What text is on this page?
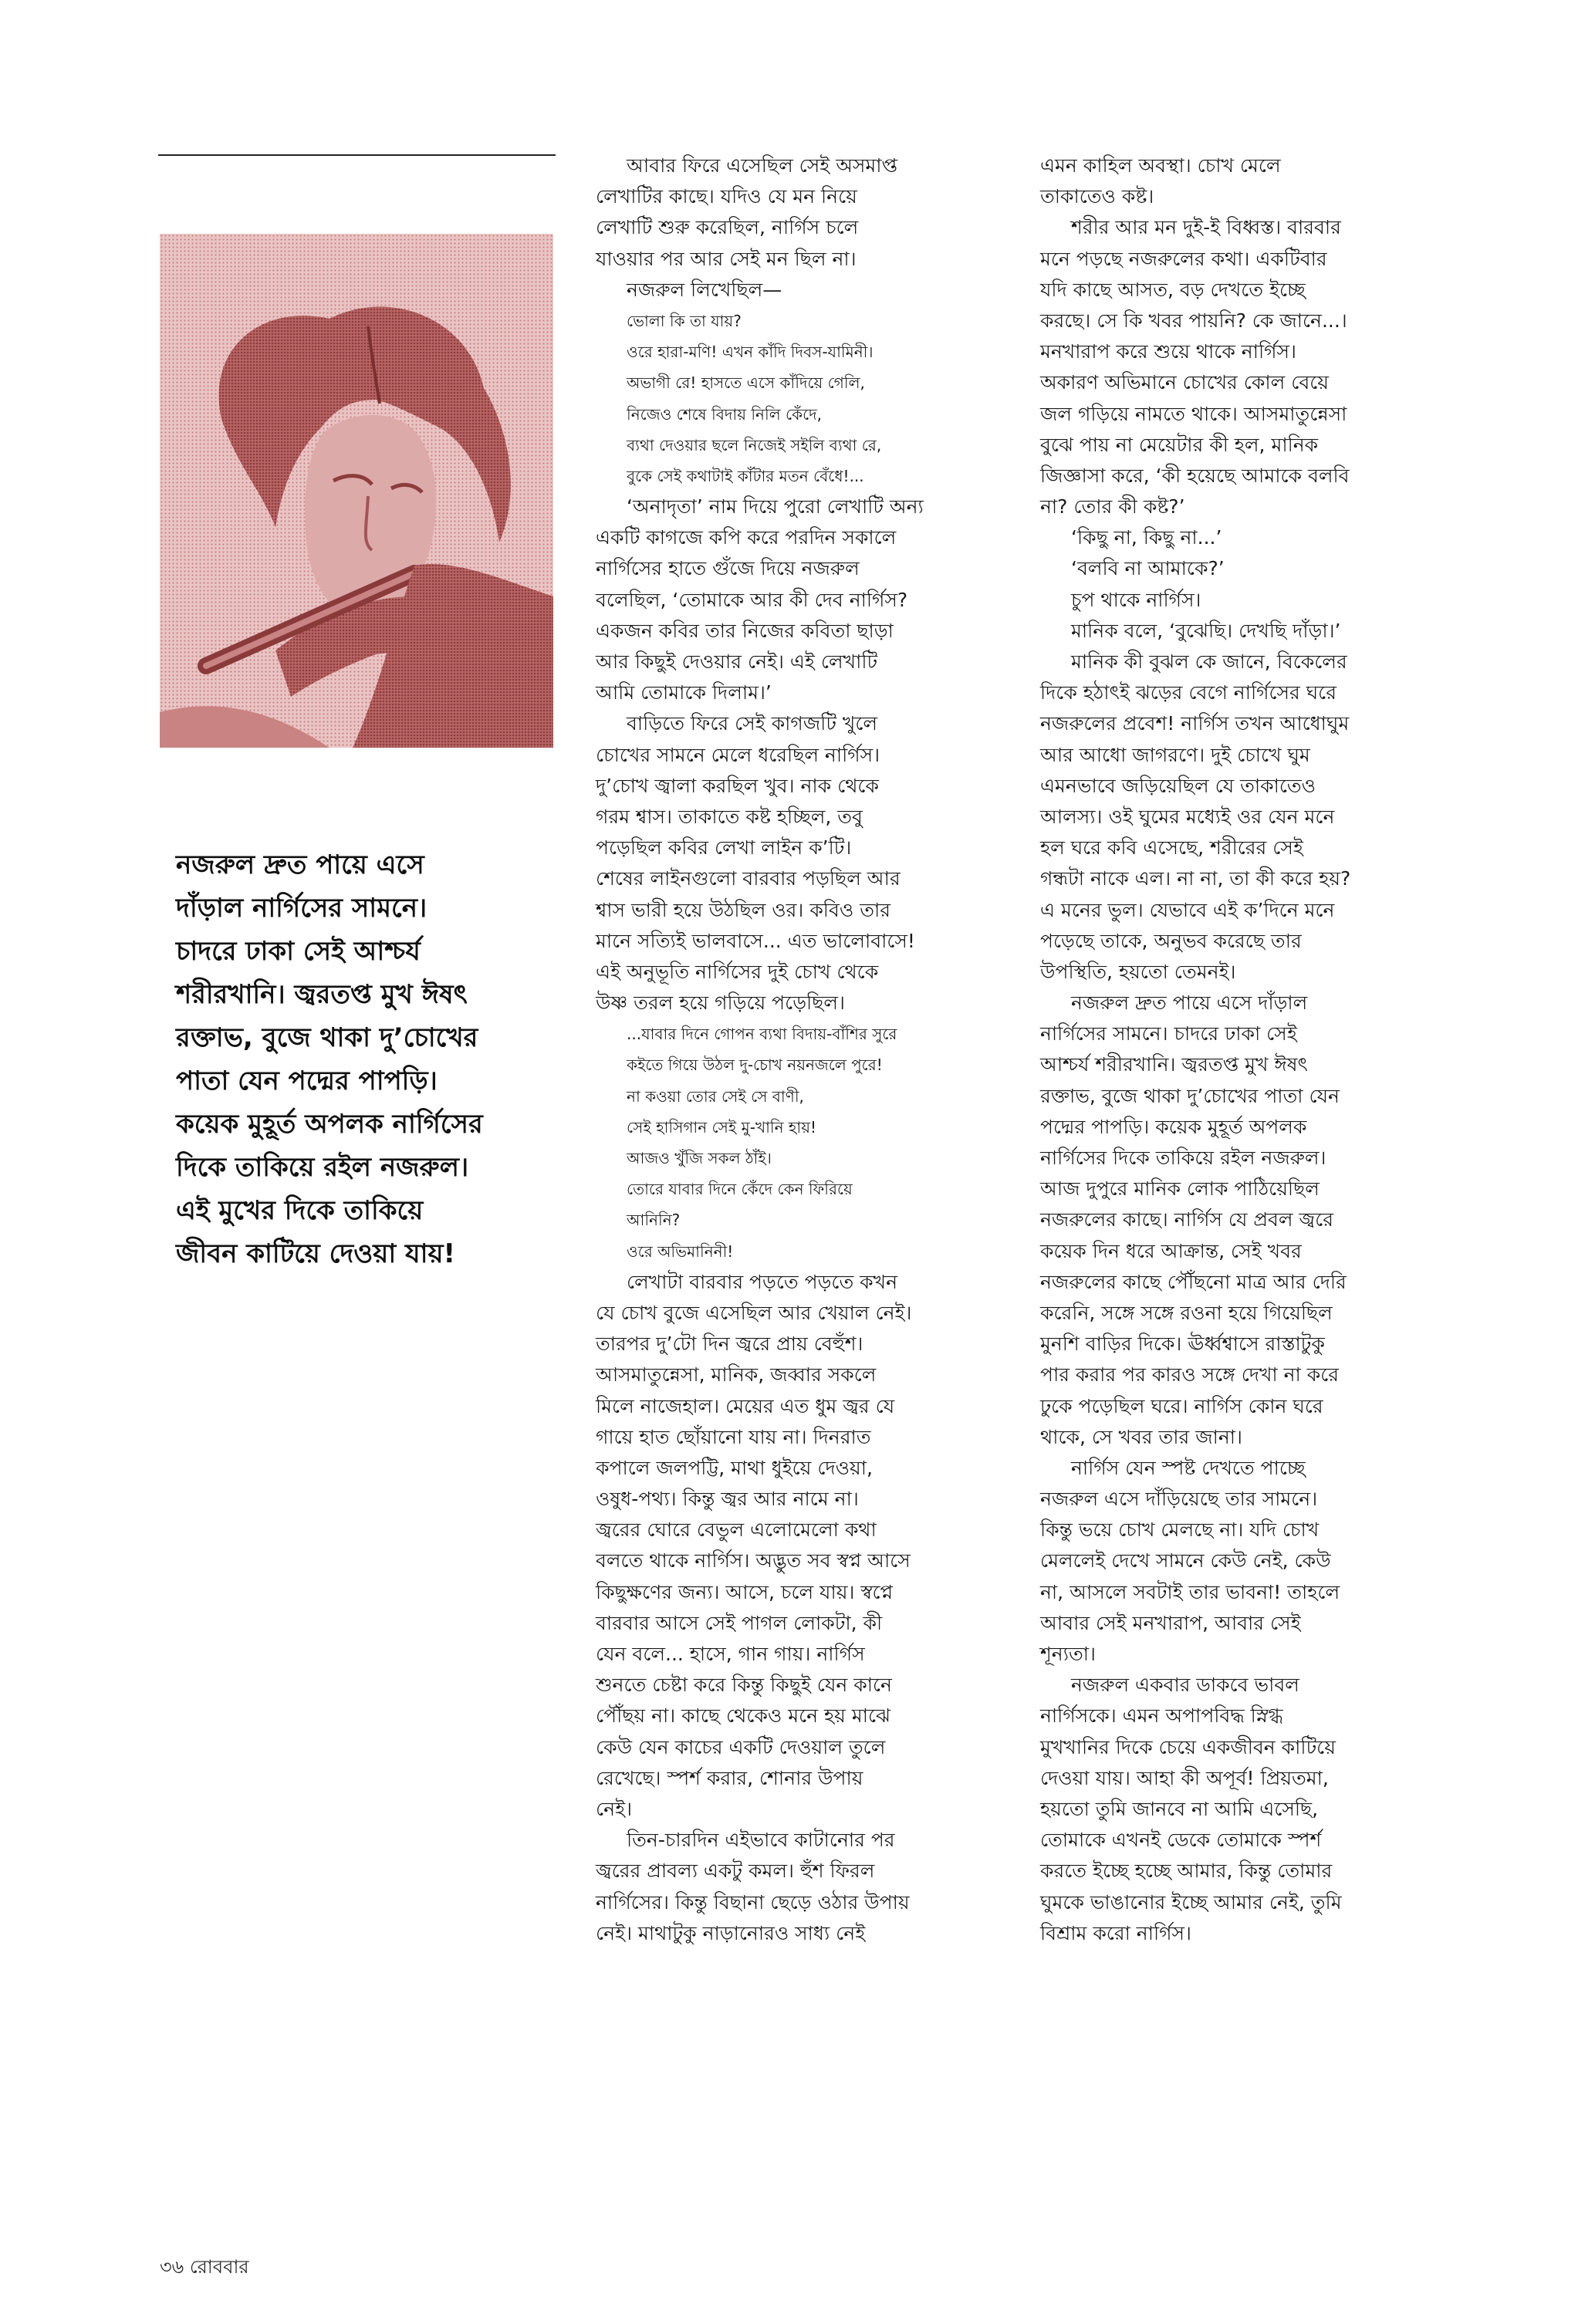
নজরুল দ্রুত পায়ে এসে
দাঁড়াল নার্গিসের সামনে।
চাদরে ঢাকা সেই আশ্চর্য
শরীরখানি। জ্বরতপ্ত মুখ ঈষৎ
রক্তাভ, বুজে থাকা দু’চোখের
পাতা যেন পদ্মের পাপড়ি।
কয়েক মুহূর্ত অপলক নার্গিসের
দিকে তাকিয়ে রইল নজরুল।
এই মুখের দিকে তাকিয়ে
জীবন কাটিয়ে দেওয়া যায়!
আবার ফিরে এসেছিল সেই অসমাপ্ত
লেখাটির কাছে। যদিও যে মন নিয়ে
লেখাটি শুরু করেছিল, নার্গিস চলে
যাওয়ার পর আর সেই মন ছিল না।
নজরুল লিখেছিল—
ভোলা কি তা যায়?
ওরে হারা-মণি! এখন কাঁদি দিবস-যামিনী।
অভাগী রে! হাসতে এসে কাঁদিয়ে গেলি,
নিজেও শেষে বিদায় নিলি কেঁদে,
ব্যথা দেওয়ার ছলে নিজেই সইলি ব্যথা রে,
বুকে সেই কথাটাই কাঁটার মতন বেঁধে!...
‘অনাদৃতা’ নাম দিয়ে পুরো লেখাটি অন্য
একটি কাগজে কপি করে পরদিন সকালে
নার্গিসের হাতে গুঁজে দিয়ে নজরুল
বলেছিল, ‘তোমাকে আর কী দেব নার্গিস?
একজন কবির তার নিজের কবিতা ছাড়া
আর কিছুই দেওয়ার নেই। এই লেখাটি
আমি তোমাকে দিলাম।’
বাড়িতে ফিরে সেই কাগজটি খুলে
চোখের সামনে মেলে ধরেছিল নার্গিস।
দু’চোখ জ্বালা করছিল খুব। নাক থেকে
গরম শ্বাস। তাকাতে কষ্ট হচ্ছিল, তবু
পড়েছিল কবির লেখা লাইন ক’টি।
শেষের লাইনগুলো বারবার পড়ছিল আর
শ্বাস ভারী হয়ে উঠছিল ওর। কবিও তার
মানে সত্যিই ভালবাসে... এত ভালোবাসে!
এই অনুভূতি নার্গিসের দুই চোখ থেকে
উষ্ণ তরল হয়ে গড়িয়ে পড়েছিল।
...যাবার দিনে গোপন ব্যথা বিদায়-বাঁশির সুরে
কইতে গিয়ে উঠল দু-চোখ নয়নজলে পুরে!
না কওয়া তোর সেই সে বাণী,
সেই হাসিগান সেই মু-খানি হায়!
আজও খুঁজি সকল ঠাঁই।
তোরে যাবার দিনে কেঁদে কেন ফিরিয়ে
আনিনি?
ওরে অভিমানিনী!
লেখাটা বারবার পড়তে পড়তে কখন
যে চোখ বুজে এসেছিল আর খেয়াল নেই।
তারপর দু’টো দিন জ্বরে প্রায় বেহুঁশ।
আসমাতুন্নেসা, মানিক, জব্বার সকলে
মিলে নাজেহাল। মেয়ের এত ধুম জ্বর যে
গায়ে হাত ছোঁয়ানো যায় না। দিনরাত
কপালে জলপট্টি, মাথা ধুইয়ে দেওয়া,
ওষুধ-পথ্য। কিন্তু জ্বর আর নামে না।
জ্বরের ঘোরে বেভুল এলোমেলো কথা
বলতে থাকে নার্গিস। অদ্ভুত সব স্বপ্ন আসে
কিছুক্ষণের জন্য। আসে, চলে যায়। স্বপ্নে
বারবার আসে সেই পাগল লোকটা, কী
যেন বলে... হাসে, গান গায়। নার্গিস
শুনতে চেষ্টা করে কিন্তু কিছুই যেন কানে
পৌঁছয় না। কাছে থেকেও মনে হয় মাঝে
কেউ যেন কাচের একটি দেওয়াল তুলে
রেখেছে। স্পর্শ করার, শোনার উপায়
নেই।
তিন-চারদিন এইভাবে কাটানোর পর
জ্বরের প্রাবল্য একটু কমল। হুঁশ ফিরল
নার্গিসের। কিন্তু বিছানা ছেড়ে ওঠার উপায়
নেই। মাথাটুকু নাড়ানোরও সাধ্য নেই
এমন কাহিল অবস্থা। চোখ মেলে
তাকাতেও কষ্ট।
শরীর আর মন দুই-ই বিধ্বস্ত। বারবার
মনে পড়ছে নজরুলের কথা। একটিবার
যদি কাছে আসত, বড় দেখতে ইচ্ছে
করছে। সে কি খবর পায়নি? কে জানে...।
মনখারাপ করে শুয়ে থাকে নার্গিস।
অকারণ অভিমানে চোখের কোল বেয়ে
জল গড়িয়ে নামতে থাকে। আসমাতুন্নেসা
বুঝে পায় না মেয়েটার কী হল, মানিক
জিজ্ঞাসা করে, ‘কী হয়েছে আমাকে বলবি
না? তোর কী কষ্ট?’
‘কিছু না, কিছু না...’
‘বলবি না আমাকে?’
চুপ থাকে নার্গিস।
মানিক বলে, ‘বুঝেছি। দেখছি দাঁড়া।’
মানিক কী বুঝল কে জানে, বিকেলের
দিকে হঠাৎই ঝড়ের বেগে নার্গিসের ঘরে
নজরুলের প্রবেশ! নার্গিস তখন আধোঘুম
আর আধো জাগরণে। দুই চোখে ঘুম
এমনভাবে জড়িয়েছিল যে তাকাতেও
আলস্য। ওই ঘুমের মধ্যেই ওর যেন মনে
হল ঘরে কবি এসেছে, শরীরের সেই
গন্ধটা নাকে এল। না না, তা কী করে হয়?
এ মনের ভুল। যেভাবে এই ক’দিনে মনে
পড়েছে তাকে, অনুভব করেছে তার
উপস্থিতি, হয়তো তেমনই।
নজরুল দ্রুত পায়ে এসে দাঁড়াল
নার্গিসের সামনে। চাদরে ঢাকা সেই
আশ্চর্য শরীরখানি। জ্বরতপ্ত মুখ ঈষৎ
রক্তাভ, বুজে থাকা দু’চোখের পাতা যেন
পদ্মের পাপড়ি। কয়েক মুহূর্ত অপলক
নার্গিসের দিকে তাকিয়ে রইল নজরুল।
আজ দুপুরে মানিক লোক পাঠিয়েছিল
নজরুলের কাছে। নার্গিস যে প্রবল জ্বরে
কয়েক দিন ধরে আক্রান্ত, সেই খবর
নজরুলের কাছে পৌঁছনো মাত্র আর দেরি
করেনি, সঙ্গে সঙ্গে রওনা হয়ে গিয়েছিল
মুনশি বাড়ির দিকে। ঊর্ধ্বশ্বাসে রাস্তাটুকু
পার করার পর কারও সঙ্গে দেখা না করে
ঢুকে পড়েছিল ঘরে। নার্গিস কোন ঘরে
থাকে, সে খবর তার জানা।
নার্গিস যেন স্পষ্ট দেখতে পাচ্ছে
নজরুল এসে দাঁড়িয়েছে তার সামনে।
কিন্তু ভয়ে চোখ মেলছে না। যদি চোখ
মেললেই দেখে সামনে কেউ নেই, কেউ
না, আসলে সবটাই তার ভাবনা! তাহলে
আবার সেই মনখারাপ, আবার সেই
শূন্যতা।
নজরুল একবার ডাকবে ভাবল
নার্গিসকে। এমন অপাপবিদ্ধ স্নিগ্ধ
মুখখানির দিকে চেয়ে একজীবন কাটিয়ে
দেওয়া যায়। আহা কী অপূর্ব! প্রিয়তমা,
হয়তো তুমি জানবে না আমি এসেছি,
তোমাকে এখনই ডেকে তোমাকে স্পর্শ
করতে ইচ্ছে হচ্ছে আমার, কিন্তু তোমার
ঘুমকে ভাঙানোর ইচ্ছে আমার নেই, তুমি
বিশ্রাম করো নার্গিস।
৩৬ রোববার
